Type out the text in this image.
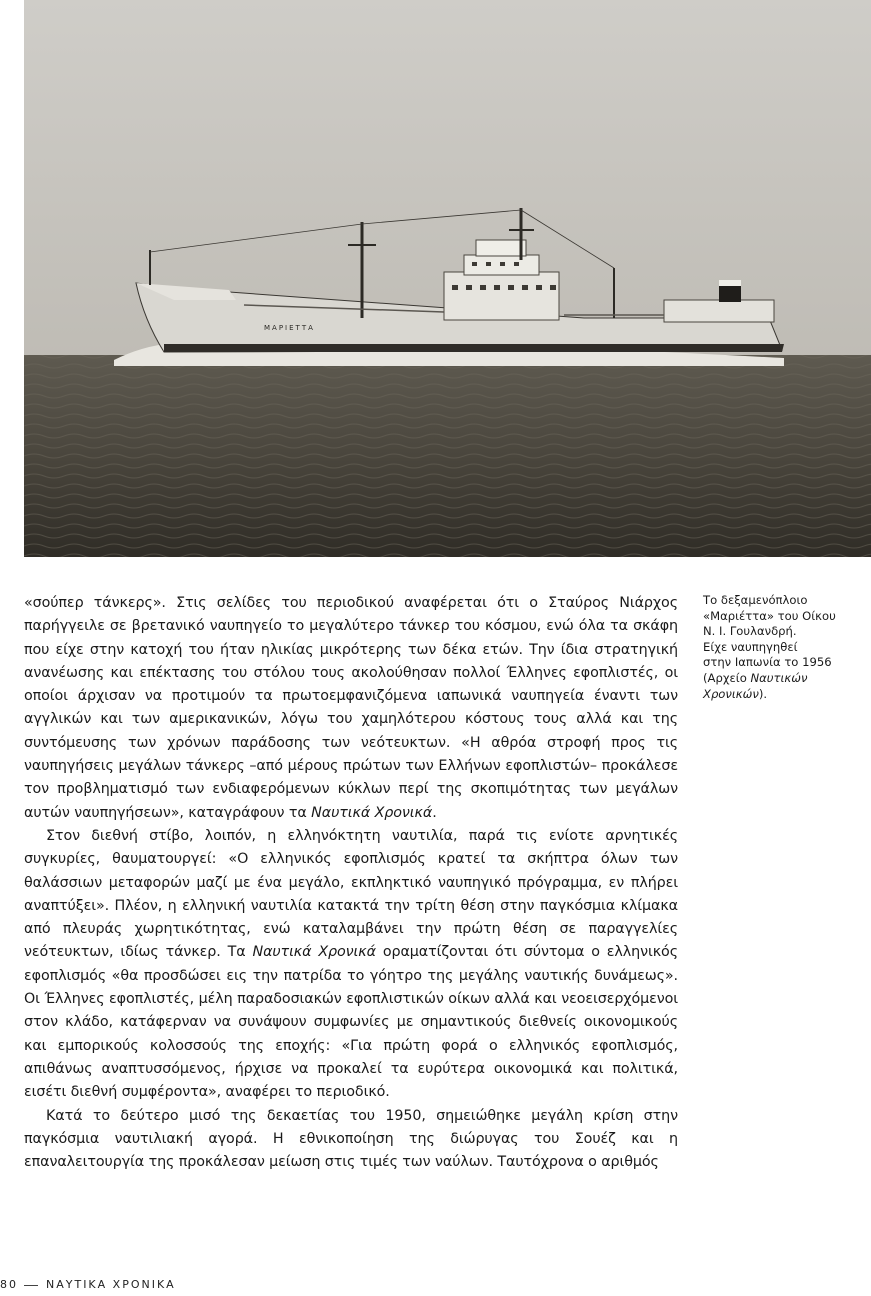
ΜΑΡΙΕΤΤΑ

«σούπερ τάνκερς». Στις σελίδες του περιοδικού αναφέρεται ότι ο Σταύρος Νιάρχος παρήγγειλε σε βρετανικό ναυπηγείο το μεγαλύτερο τάνκερ του κόσμου, ενώ όλα τα σκάφη που είχε στην κατοχή του ήταν ηλικίας μικρότερης των δέκα ετών. Την ίδια στρατηγική ανανέωσης και επέκτασης του στόλου τους ακολούθησαν πολλοί Έλληνες εφοπλιστές, οι οποίοι άρχισαν να προτιμούν τα πρωτοεμφανιζόμενα ιαπωνικά ναυπηγεία έναντι των αγγλικών και των αμερικανικών, λόγω του χαμηλότερου κόστους τους αλλά και της συντόμευσης των χρόνων παράδοσης των νεότευκτων. «Η αθρόα στροφή προς τις ναυπηγήσεις μεγάλων τάνκερς –από μέρους πρώτων των Ελλήνων εφοπλιστών– προκάλεσε τον προβληματισμό των ενδιαφερόμενων κύκλων περί της σκοπιμότητας των μεγάλων αυτών ναυπηγήσεων», καταγράφουν τα Ναυτικά Χρονικά.

Στον διεθνή στίβο, λοιπόν, η ελληνόκτητη ναυτιλία, παρά τις ενίοτε αρνητικές συγκυρίες, θαυματουργεί: «Ο ελληνικός εφοπλισμός κρατεί τα σκήπτρα όλων των θαλάσσιων μεταφορών μαζί με ένα μεγάλο, εκπληκτικό ναυπηγικό πρόγραμμα, εν πλήρει αναπτύξει». Πλέον, η ελληνική ναυτιλία κατακτά την τρίτη θέση στην παγκόσμια κλίμακα από πλευράς χωρητικότητας, ενώ καταλαμβάνει την πρώτη θέση σε παραγγελίες νεότευκτων, ιδίως τάνκερ. Τα Ναυτικά Χρονικά οραματίζονται ότι σύντομα ο ελληνικός εφοπλισμός «θα προσδώσει εις την πατρίδα το γόητρο της μεγάλης ναυτικής δυνάμεως». Οι Έλληνες εφοπλιστές, μέλη παραδοσιακών εφοπλιστικών οίκων αλλά και νεοεισερχόμενοι στον κλάδο, κατάφερναν να συνάψουν συμφωνίες με σημαντικούς διεθνείς οικονομικούς και εμπορικούς κολοσσούς της εποχής: «Για πρώτη φορά ο ελληνικός εφοπλισμός, απιθάνως αναπτυσσόμενος, ήρχισε να προκαλεί τα ευρύτερα οικονομικά και πολιτικά, εισέτι διεθνή συμφέροντα», αναφέρει το περιοδικό.

Κατά το δεύτερο μισό της δεκαετίας του 1950, σημειώθηκε μεγάλη κρίση στην παγκόσμια ναυτιλιακή αγορά. Η εθνικοποίηση της διώρυγας του Σουέζ και η επαναλειτουργία της προκάλεσαν μείωση στις τιμές των ναύλων. Ταυτόχρονα ο αριθμός

Το δεξαμενόπλοιο
«Μαριέττα» του Οίκου
Ν. Ι. Γουλανδρή.
Είχε ναυπηγηθεί
στην Ιαπωνία το 1956
(Αρχείο Ναυτικών
Χρονικών).
80	ΝΑΥΤΙΚΑ ΧΡΟΝΙΚΑ
